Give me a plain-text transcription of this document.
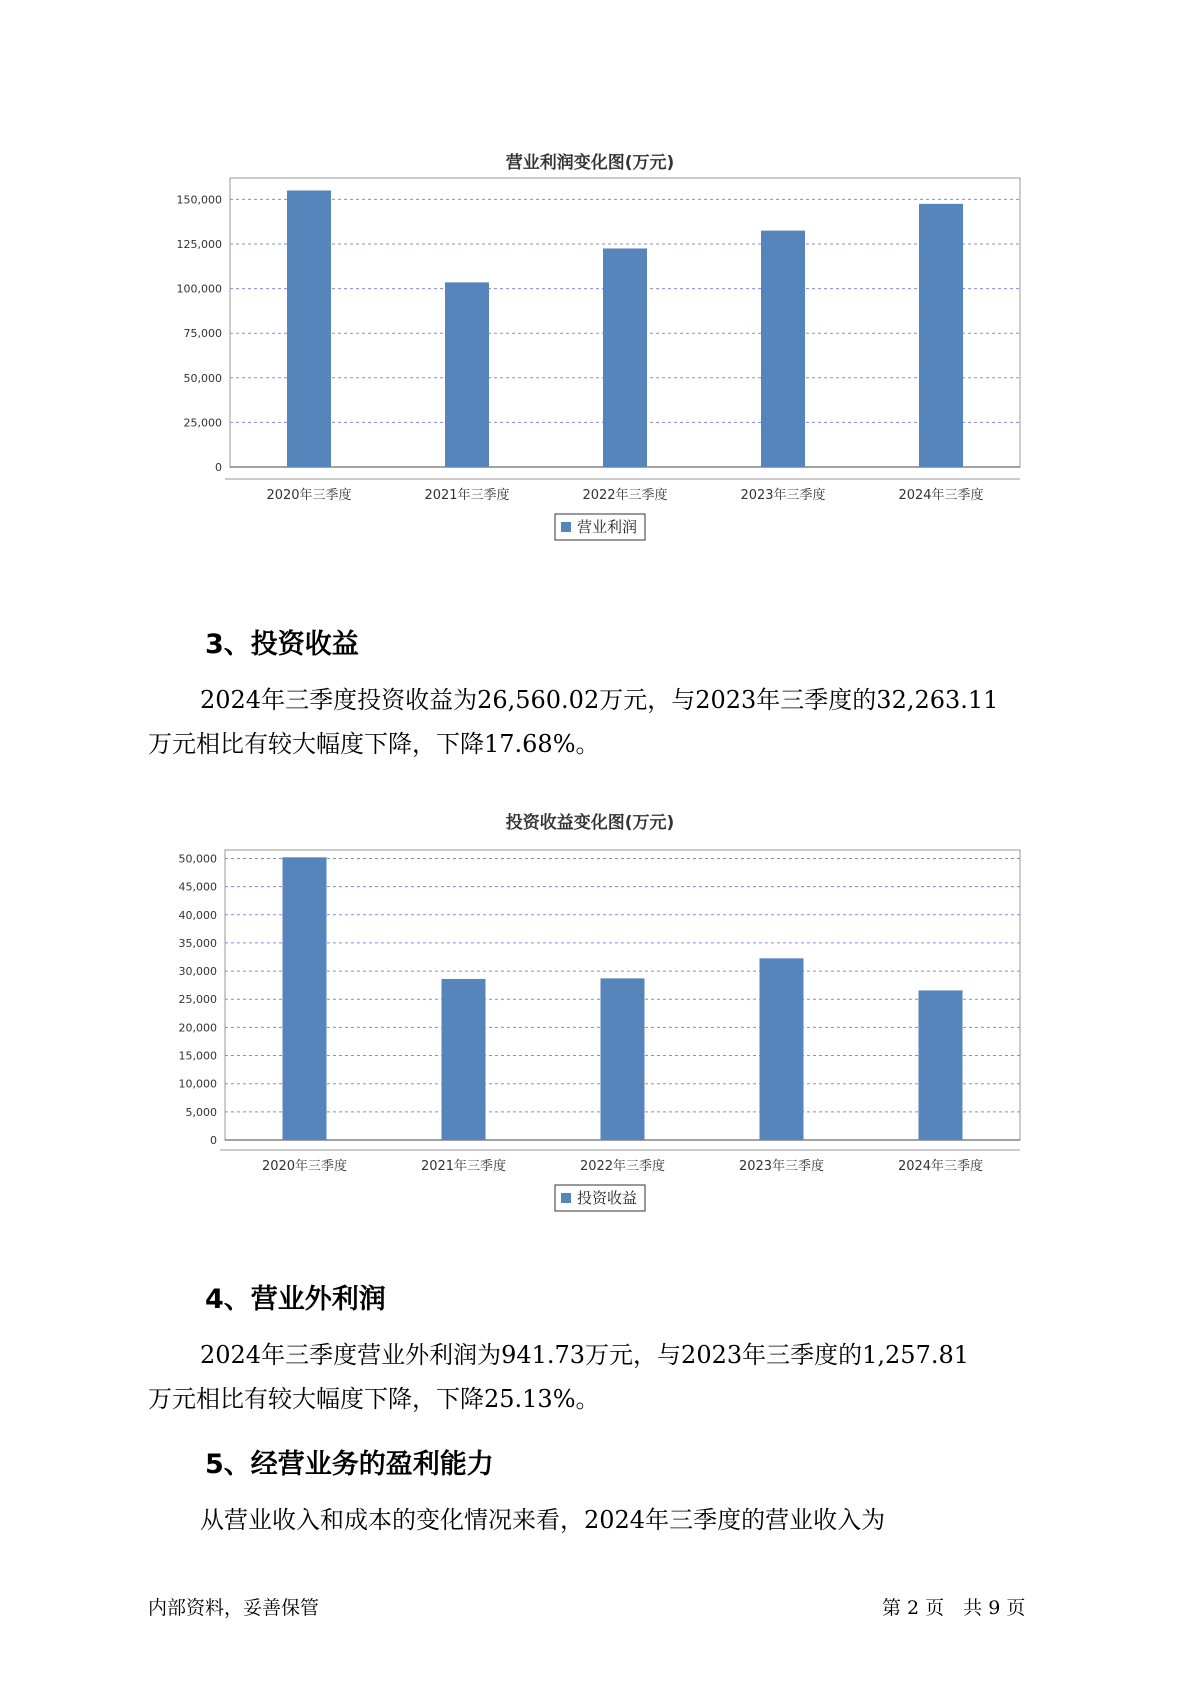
营业利润变化图(万元)
0
25,000
50,000
75,000
100,000
125,000
150,000
2020年三季度	2021年三季度	2022年三季度	2023年三季度	2024年三季度
营业利润
3、投资收益

2024年三季度投资收益为26,560.02万元，与2023年三季度的32,263.11
万元相比有较大幅度下降，下降17.68%。

投资收益变化图(万元)
0
5,000
10,000
15,000
20,000
25,000
30,000
35,000
40,000
45,000
50,000
2020年三季度	2021年三季度	2022年三季度	2023年三季度	2024年三季度
投资收益
4、营业外利润

2024年三季度营业外利润为941.73万元，与2023年三季度的1,257.81
万元相比有较大幅度下降，下降25.13%。

5、经营业务的盈利能力

从营业收入和成本的变化情况来看，2024年三季度的营业收入为

内部资料，妥善保管	第 2 页　共 9 页
